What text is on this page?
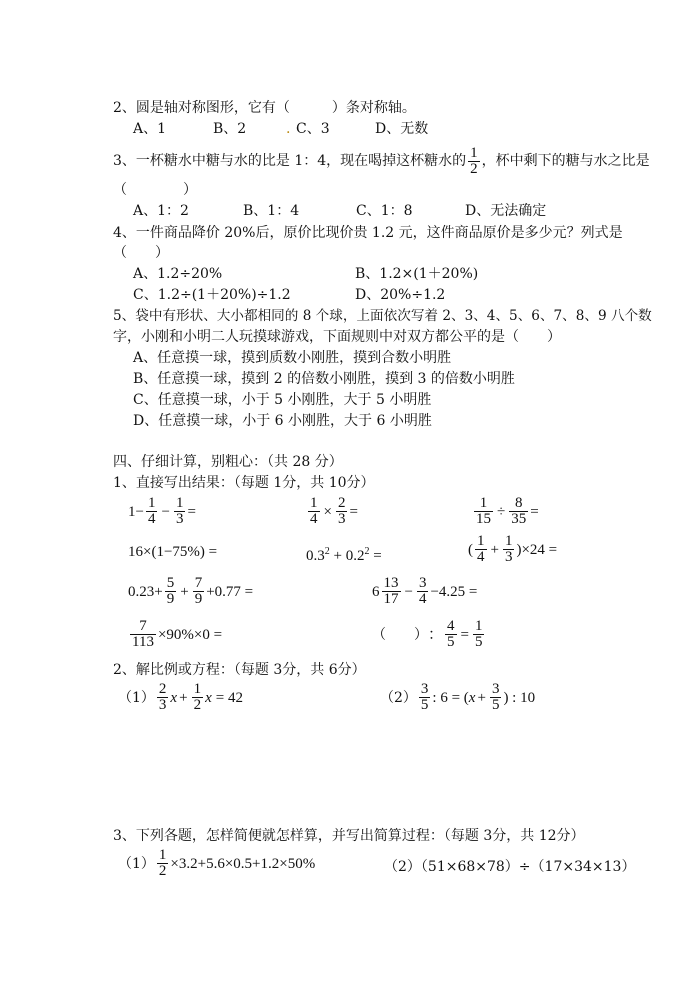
2、圆是轴对称图形，它有（　　　）条对称轴。
A、1	B、2	. C、3	D、无数
3、一杯糖水中糖与水的比是 1：4，现在喝掉这杯糖水的 $\frac{1}{2}$ ，杯中剩下的糖与水之比是
（　　　　）
A、1：2	B、1：4	C、1：8	D、无法确定
4、一件商品降价 20%后，原价比现价贵 1.2 元，这件商品原价是多少元？列式是
（　　）
A、1.2÷20%	B、1.2×(1＋20%)
C、1.2÷(1＋20%)÷1.2	D、20%÷1.2
5、袋中有形状、大小都相同的 8 个球，上面依次写着 2、3、4、5、6、7、8、9 八个数
字，小刚和小明二人玩摸球游戏，下面规则中对双方都公平的是（　　）
A、任意摸一球，摸到质数小刚胜，摸到合数小明胜
B、任意摸一球，摸到 2 的倍数小刚胜，摸到 3 的倍数小明胜
C、任意摸一球，小于 5 小刚胜，大于 5 小明胜
D、任意摸一球，小于 6 小刚胜，大于 6 小明胜
四、仔细计算，别粗心：（共 28 分）
1、直接写出结果：（每题 1分，共 10分）
$1- \frac{1}{4} - \frac{1}{3}$ =	$\frac{1}{4} \times \frac{2}{3}$ =	$\frac{1}{15} \div \frac{8}{35}$ =
16×(1−75%) =	$0.3^2 + 0.2^2$ =	( $\frac{1}{4} + \frac{1}{3} )\times 24$ =
$0.23+ \frac{5}{9} + \frac{7}{9} +0.77$ =	$6 \frac{13}{17} - \frac{3}{4} -4.25$ =
$\frac{7}{113} \times 90\%\times 0$ =	（　　） ： $\frac{4}{5} = \frac{1}{5}$
2、解比例或方程：（每题 3分，共 6分）
$(1) \frac{2}{3}$ $x + \frac{1}{2}$ x = 42	$(2) \frac{3}{5}$ : 6 = ( $x + \frac{3}{5}$ ) : 10
3、下列各题，怎样简便就怎样算，并写出简算过程：（每题 3分，共 12分）
$(1) \frac{1}{2} \times 3.2+5.6\times 0.5+1.2\times 50\%$	（2）（51×68×78）÷（17×34×13）
